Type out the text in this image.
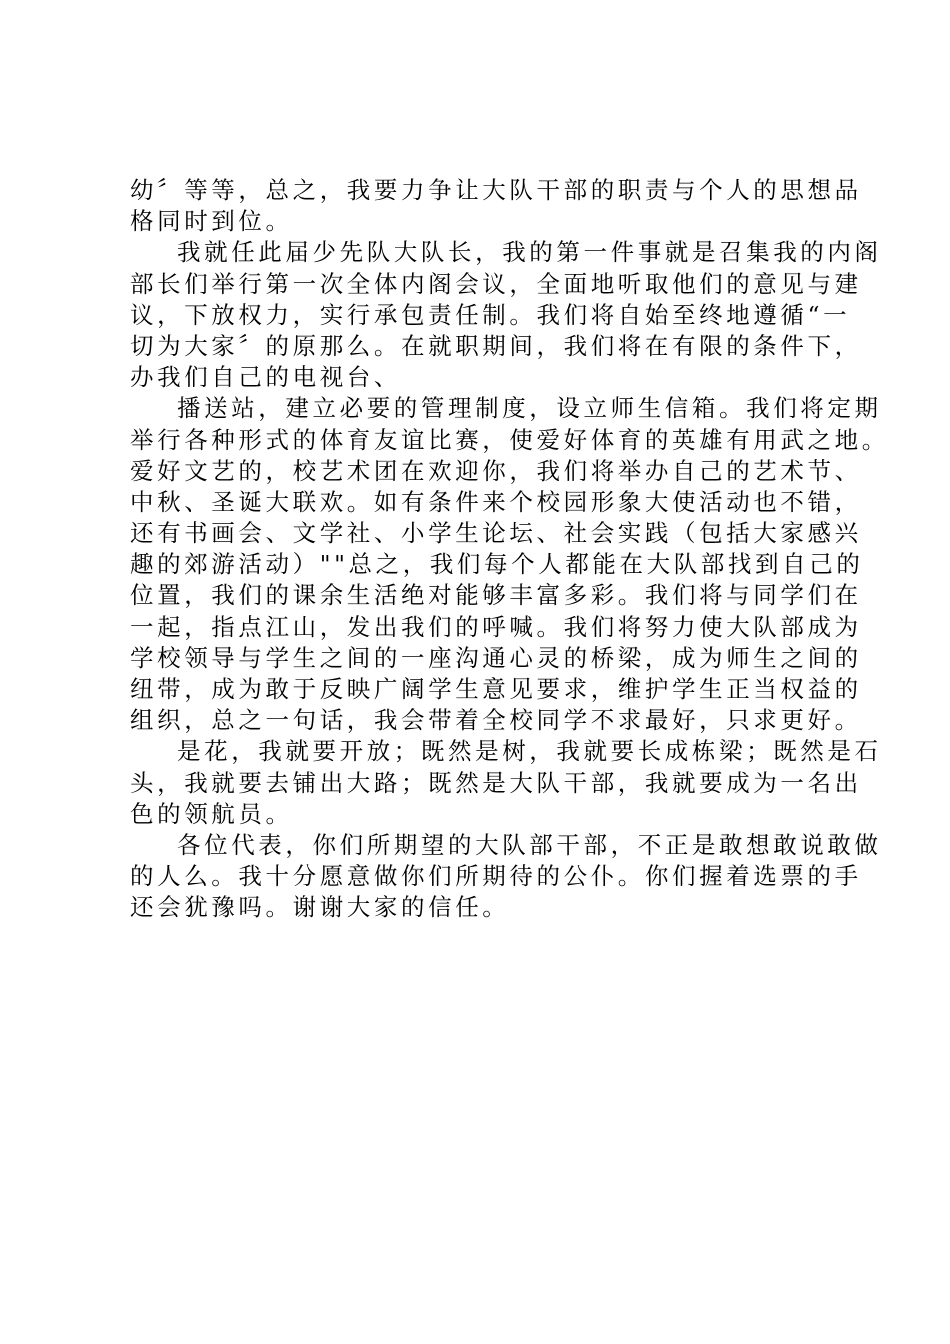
幼〞等等，总之，我要力争让大队干部的职责与个人的思想品
格同时到位。
我就任此届少先队大队长，我的第一件事就是召集我的内阁
部长们举行第一次全体内阁会议，全面地听取他们的意见与建
议，下放权力，实行承包责任制。我们将自始至终地遵循“一
切为大家〞的原那么。在就职期间，我们将在有限的条件下，
办我们自己的电视台、
播送站，建立必要的管理制度，设立师生信箱。我们将定期
举行各种形式的体育友谊比赛，使爱好体育的英雄有用武之地。
爱好文艺的，校艺术团在欢迎你，我们将举办自己的艺术节、
中秋、圣诞大联欢。如有条件来个校园形象大使活动也不错，
还有书画会、文学社、小学生论坛、社会实践（包括大家感兴
趣的郊游活动）""总之，我们每个人都能在大队部找到自己的
位置，我们的课余生活绝对能够丰富多彩。我们将与同学们在
一起，指点江山，发出我们的呼喊。我们将努力使大队部成为
学校领导与学生之间的一座沟通心灵的桥梁，成为师生之间的
纽带，成为敢于反映广阔学生意见要求，维护学生正当权益的
组织，总之一句话，我会带着全校同学不求最好，只求更好。
是花，我就要开放；既然是树，我就要长成栋梁；既然是石
头，我就要去铺出大路；既然是大队干部，我就要成为一名出
色的领航员。
各位代表，你们所期望的大队部干部，不正是敢想敢说敢做
的人么。我十分愿意做你们所期待的公仆。你们握着选票的手
还会犹豫吗。谢谢大家的信任。
